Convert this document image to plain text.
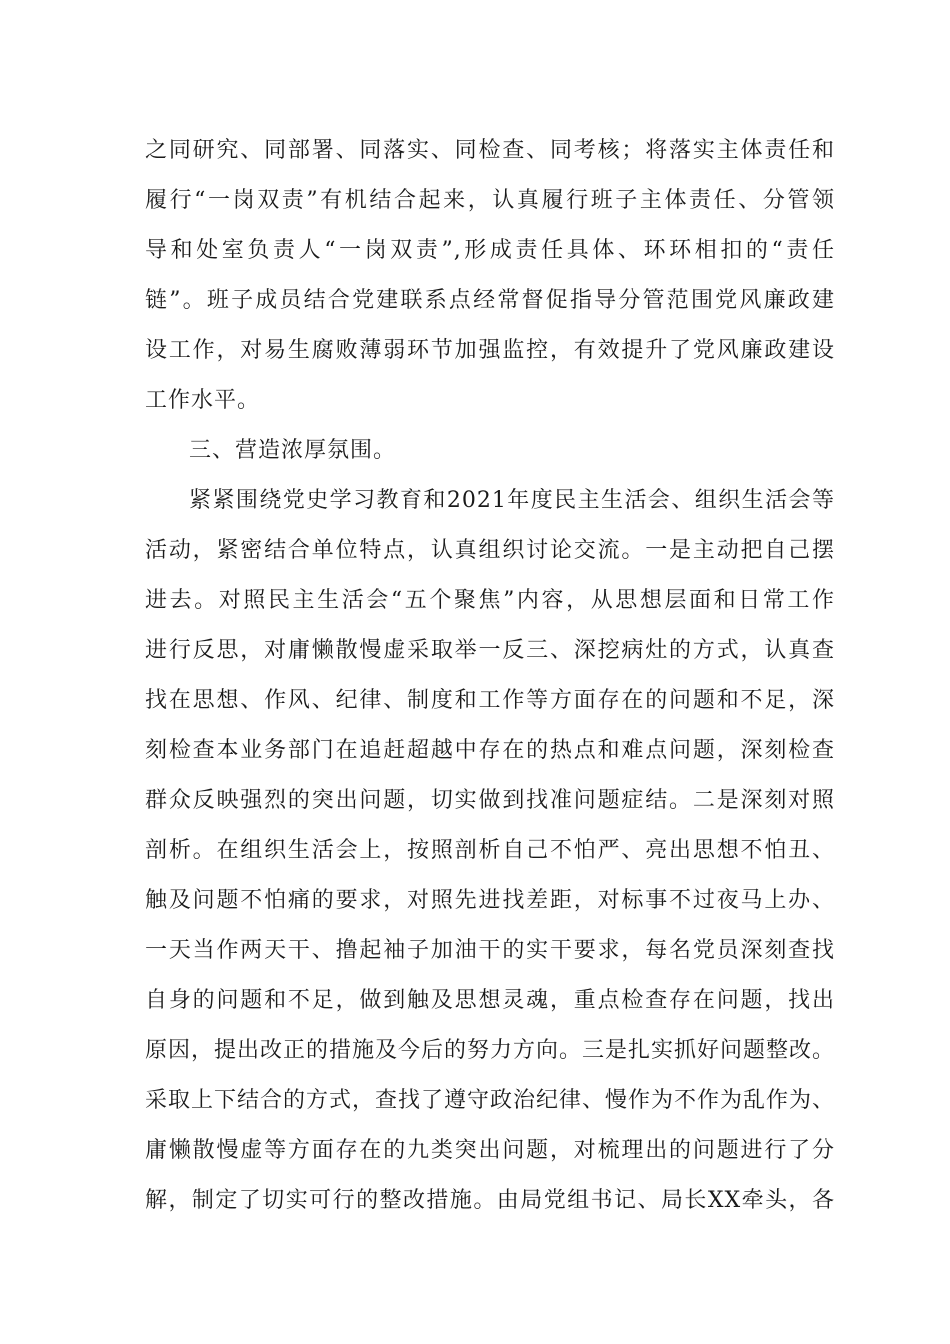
之同研究、同部署、同落实、同检查、同考核；将落实主体责任和
履行“一岗双责”有机结合起来，认真履行班子主体责任、分管领
导和处室负责人“一岗双责”,形成责任具体、环环相扣的“责任
链”。班子成员结合党建联系点经常督促指导分管范围党风廉政建
设工作，对易生腐败薄弱环节加强监控，有效提升了党风廉政建设
工作水平。
三、营造浓厚氛围。
紧紧围绕党史学习教育和2021年度民主生活会、组织生活会等
活动，紧密结合单位特点，认真组织讨论交流。一是主动把自己摆
进去。对照民主生活会“五个聚焦”内容，从思想层面和日常工作
进行反思，对庸懒散慢虚采取举一反三、深挖病灶的方式，认真查
找在思想、作风、纪律、制度和工作等方面存在的问题和不足，深
刻检查本业务部门在追赶超越中存在的热点和难点问题，深刻检查
群众反映强烈的突出问题，切实做到找准问题症结。二是深刻对照
剖析。在组织生活会上，按照剖析自己不怕严、亮出思想不怕丑、
触及问题不怕痛的要求，对照先进找差距，对标事不过夜马上办、
一天当作两天干、撸起袖子加油干的实干要求，每名党员深刻查找
自身的问题和不足，做到触及思想灵魂，重点检查存在问题，找出
原因，提出改正的措施及今后的努力方向。三是扎实抓好问题整改。
采取上下结合的方式，查找了遵守政治纪律、慢作为不作为乱作为、
庸懒散慢虚等方面存在的九类突出问题，对梳理出的问题进行了分
解，制定了切实可行的整改措施。由局党组书记、局长XX牵头，各
